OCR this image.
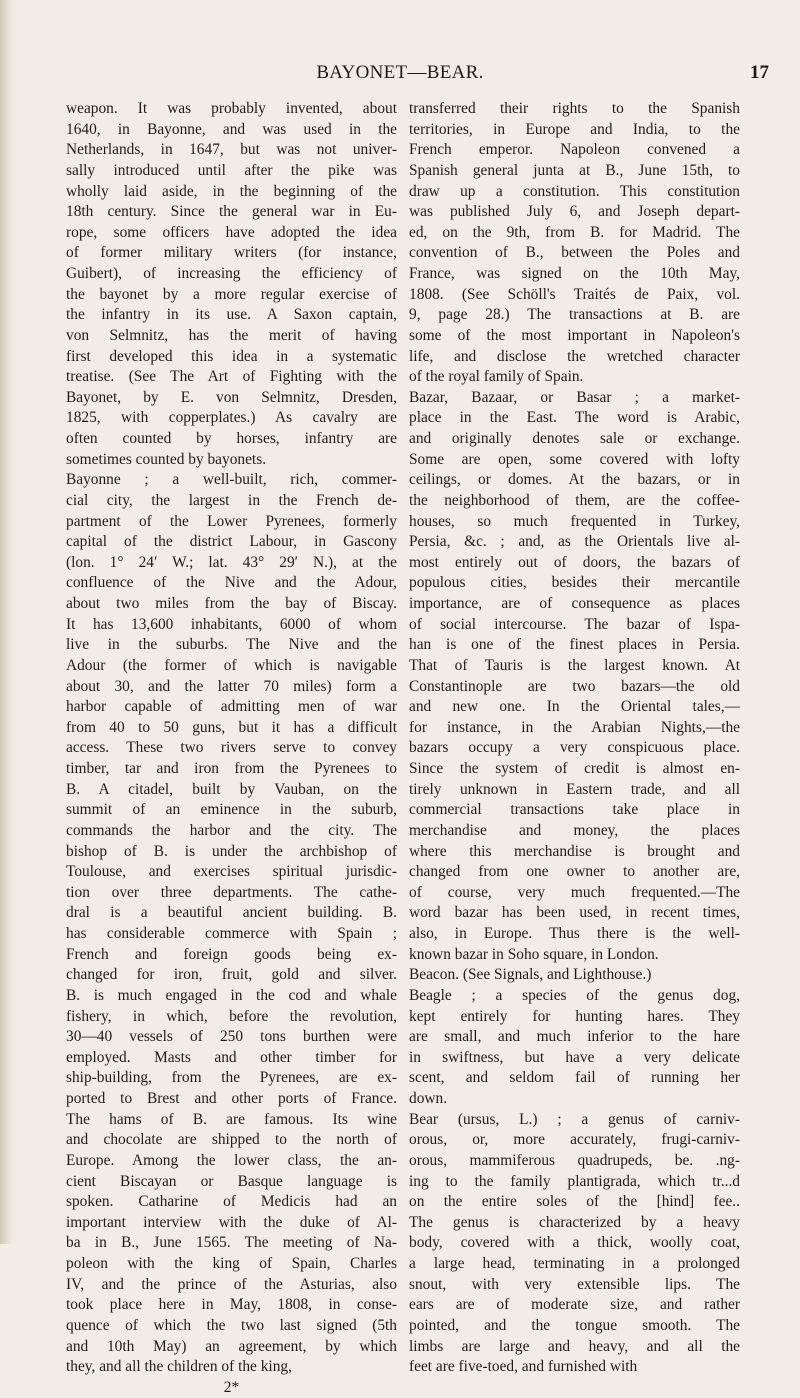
BAYONET—BEAR.	17
weapon. It was probably invented, about
1640, in Bayonne, and was used in the
Netherlands, in 1647, but was not univer-
sally introduced until after the pike was
wholly laid aside, in the beginning of the
18th century. Since the general war in Eu-
rope, some officers have adopted the idea
of former military writers (for instance,
Guibert), of increasing the efficiency of
the bayonet by a more regular exercise of
the infantry in its use. A Saxon captain,
von Selmnitz, has the merit of having
first developed this idea in a systematic
treatise. (See The Art of Fighting with the
Bayonet, by E. von Selmnitz, Dresden,
1825, with copperplates.) As cavalry are
often counted by horses, infantry are
sometimes counted by bayonets.
Bayonne ; a well-built, rich, commer-
cial city, the largest in the French de-
partment of the Lower Pyrenees, formerly
capital of the district Labour, in Gascony
(lon. 1° 24′ W.; lat. 43° 29′ N.), at the
confluence of the Nive and the Adour,
about two miles from the bay of Biscay.
It has 13,600 inhabitants, 6000 of whom
live in the suburbs. The Nive and the
Adour (the former of which is navigable
about 30, and the latter 70 miles) form a
harbor capable of admitting men of war
from 40 to 50 guns, but it has a difficult
access. These two rivers serve to convey
timber, tar and iron from the Pyrenees to
B. A citadel, built by Vauban, on the
summit of an eminence in the suburb,
commands the harbor and the city. The
bishop of B. is under the archbishop of
Toulouse, and exercises spiritual jurisdic-
tion over three departments. The cathe-
dral is a beautiful ancient building. B.
has considerable commerce with Spain ;
French and foreign goods being ex-
changed for iron, fruit, gold and silver.
B. is much engaged in the cod and whale
fishery, in which, before the revolution,
30—40 vessels of 250 tons burthen were
employed. Masts and other timber for
ship-building, from the Pyrenees, are ex-
ported to Brest and other ports of France.
The hams of B. are famous. Its wine
and chocolate are shipped to the north of
Europe. Among the lower class, the an-
cient Biscayan or Basque language is
spoken. Catharine of Medicis had an
important interview with the duke of Al-
ba in B., June 1565. The meeting of Na-
poleon with the king of Spain, Charles
IV, and the prince of the Asturias, also
took place here in May, 1808, in conse-
quence of which the two last signed (5th
and 10th May) an agreement, by which
they, and all the children of the king,
2*
transferred their rights to the Spanish
territories, in Europe and India, to the
French emperor. Napoleon convened a
Spanish general junta at B., June 15th, to
draw up a constitution. This constitution
was published July 6, and Joseph depart-
ed, on the 9th, from B. for Madrid. The
convention of B., between the Poles and
France, was signed on the 10th May,
1808. (See Schöll's Traités de Paix, vol.
9, page 28.) The transactions at B. are
some of the most important in Napoleon's
life, and disclose the wretched character
of the royal family of Spain.
Bazar, Bazaar, or Basar ; a market-
place in the East. The word is Arabic,
and originally denotes sale or exchange.
Some are open, some covered with lofty
ceilings, or domes. At the bazars, or in
the neighborhood of them, are the coffee-
houses, so much frequented in Turkey,
Persia, &c. ; and, as the Orientals live al-
most entirely out of doors, the bazars of
populous cities, besides their mercantile
importance, are of consequence as places
of social intercourse. The bazar of Ispa-
han is one of the finest places in Persia.
That of Tauris is the largest known. At
Constantinople are two bazars—the old
and new one. In the Oriental tales,—
for instance, in the Arabian Nights,—the
bazars occupy a very conspicuous place.
Since the system of credit is almost en-
tirely unknown in Eastern trade, and all
commercial transactions take place in
merchandise and money, the places
where this merchandise is brought and
changed from one owner to another are,
of course, very much frequented.—The
word bazar has been used, in recent times,
also, in Europe. Thus there is the well-
known bazar in Soho square, in London.
Beacon. (See Signals, and Lighthouse.)
Beagle ; a species of the genus dog,
kept entirely for hunting hares. They
are small, and much inferior to the hare
in swiftness, but have a very delicate
scent, and seldom fail of running her
down.
Bear (ursus, L.) ; a genus of carniv-
orous, or, more accurately, frugi-carniv-
orous, mammiferous quadrupeds, be. .ng-
ing to the family plantigrada, which tr...d
on the entire soles of the [hind] fee..
The genus is characterized by a heavy
body, covered with a thick, woolly coat,
a large head, terminating in a prolonged
snout, with very extensible lips. The
ears are of moderate size, and rather
pointed, and the tongue smooth. The
limbs are large and heavy, and all the
feet are five-toed, and furnished with
